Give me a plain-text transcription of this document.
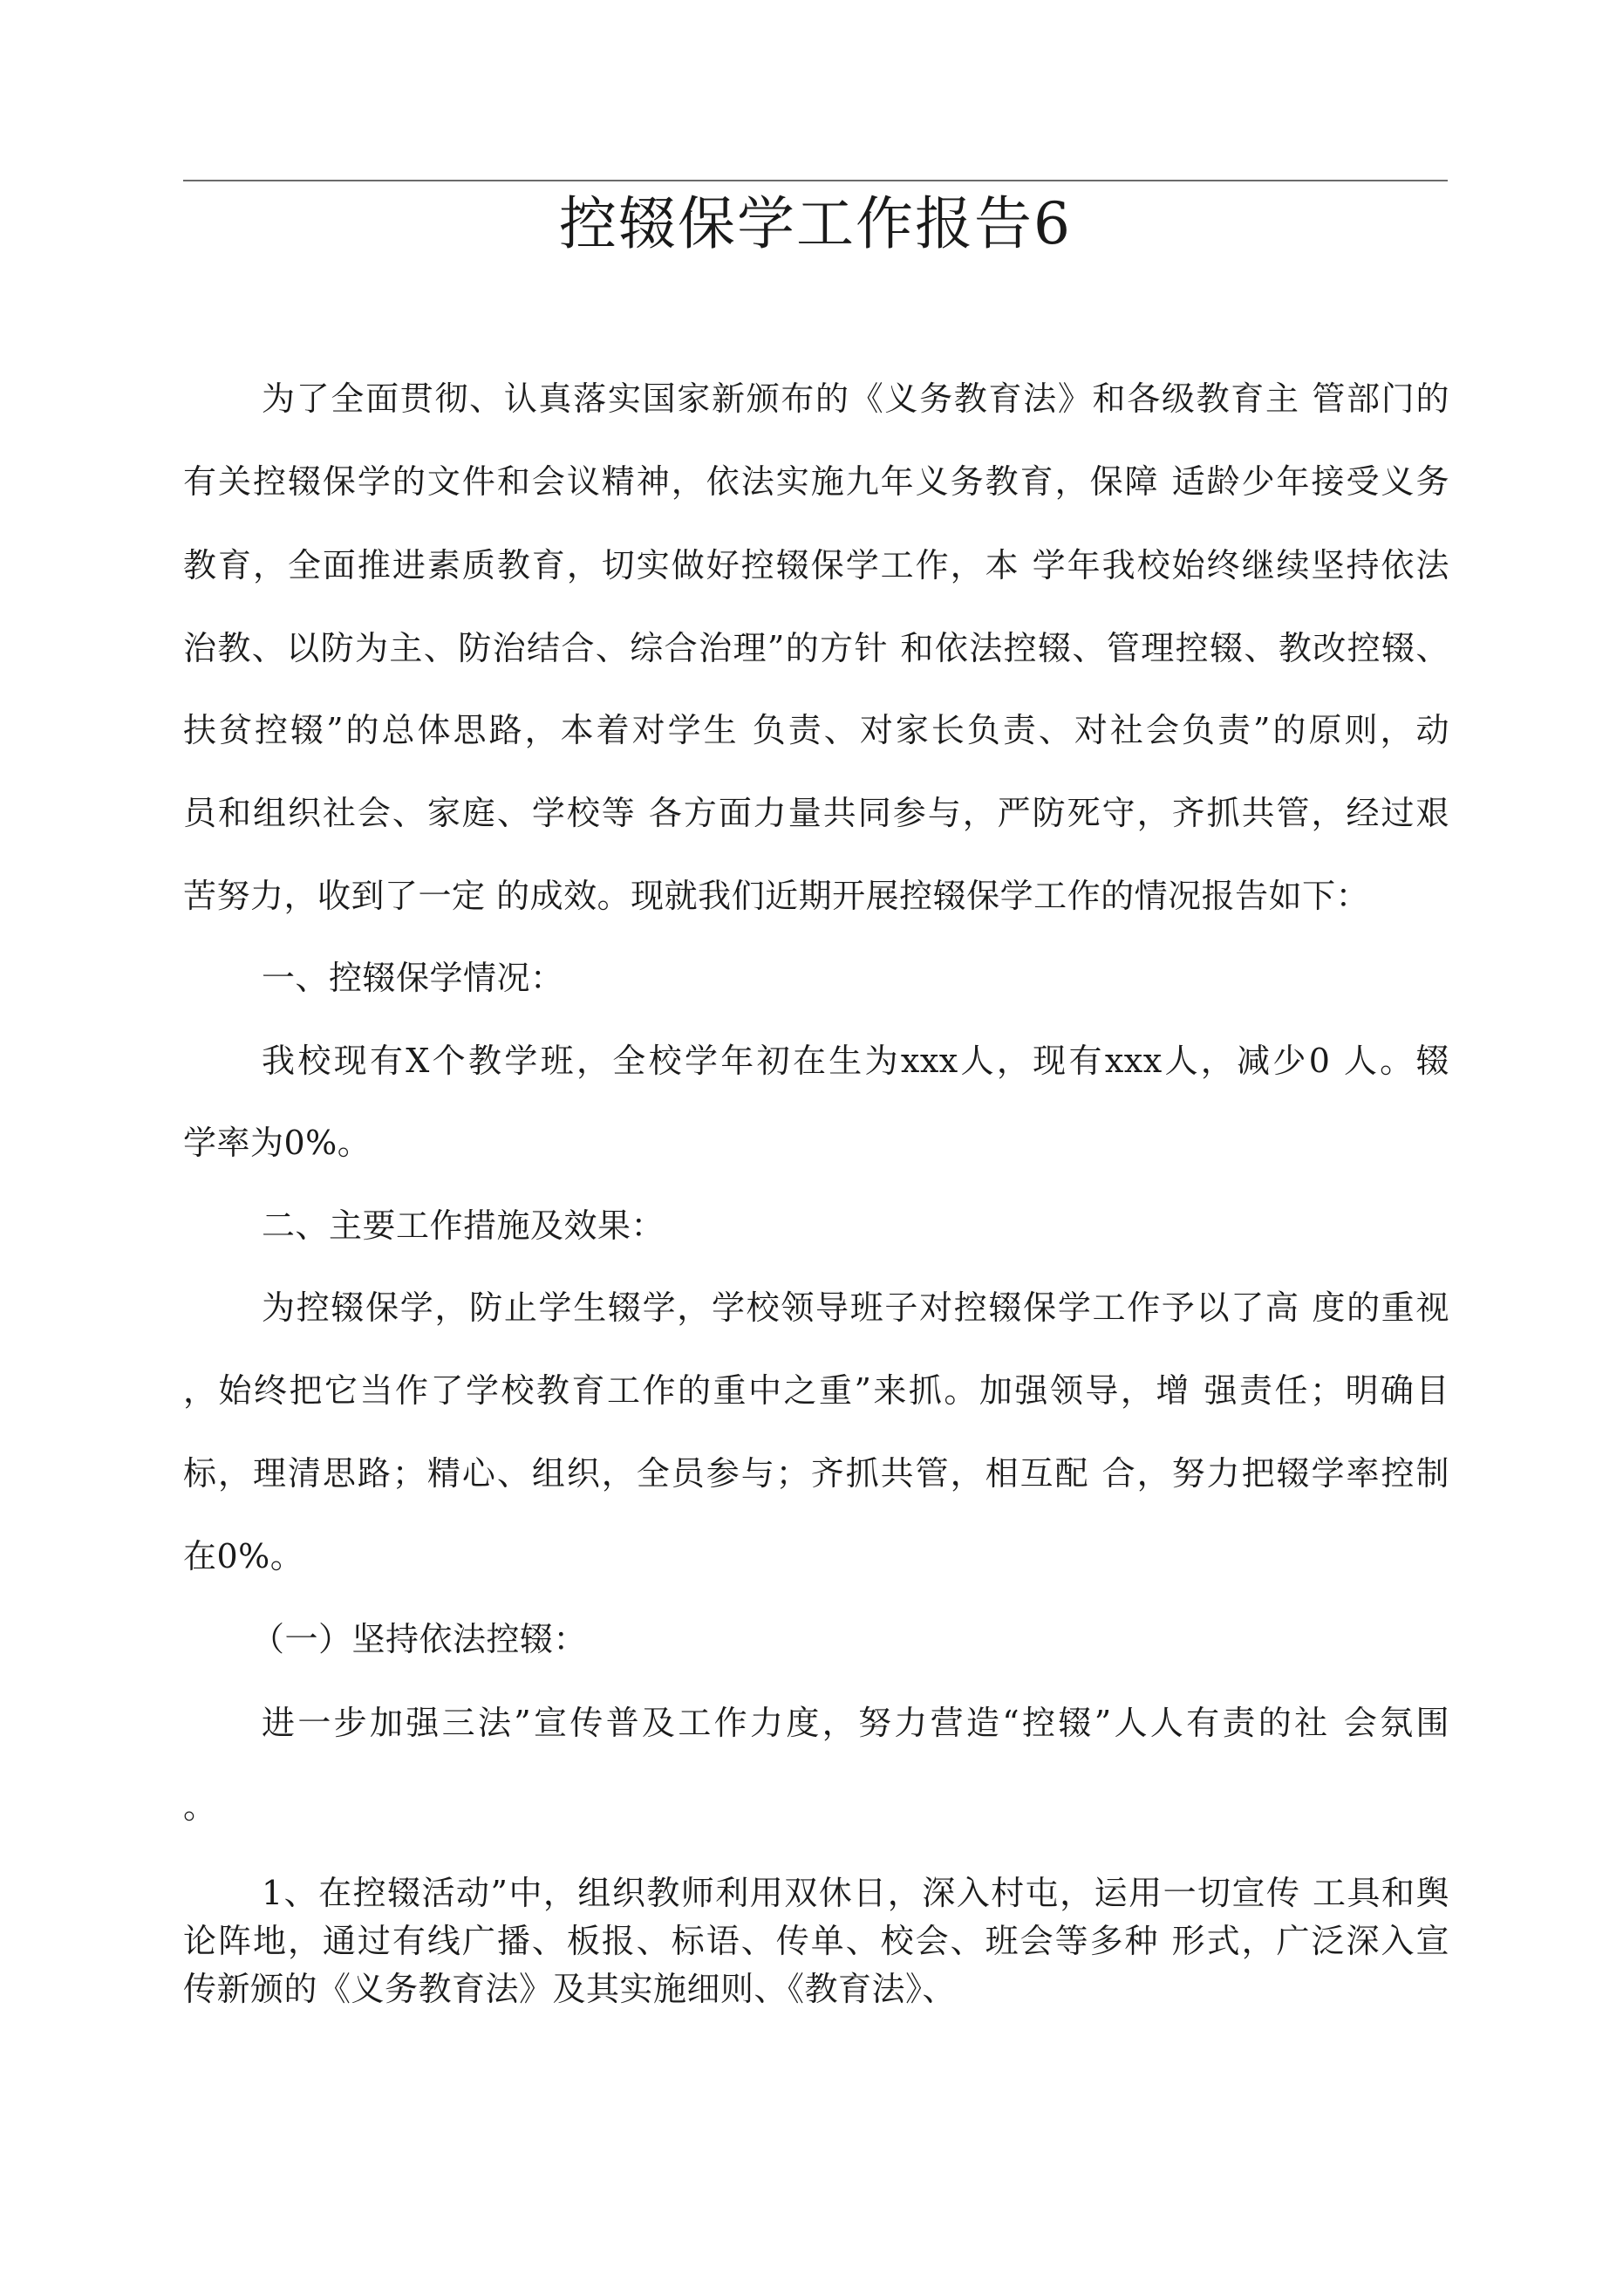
控辍保学工作报告6
为了全面贯彻、认真落实国家新颁布的《义务教育法》和各级教育主 管部门的
有关控辍保学的文件和会议精神，依法实施九年义务教育，保障 适龄少年接受义务
教育，全面推进素质教育，切实做好控辍保学工作，本 学年我校始终继续坚持依法
治教、以防为主、防治结合、综合治理”的方针 和依法控辍、管理控辍、教改控辍、
扶贫控辍”的总体思路，本着对学生 负责、对家长负责、对社会负责”的原则，动
员和组织社会、家庭、学校等 各方面力量共同参与，严防死守，齐抓共管，经过艰
苦努力，收到了一定 的成效。现就我们近期开展控辍保学工作的情况报告如下：
一、控辍保学情况：
我校现有X个教学班，全校学年初在生为xxx人，现有xxx人，减少0 人。辍
学率为0%。
二、主要工作措施及效果：
为控辍保学，防止学生辍学，学校领导班子对控辍保学工作予以了高 度的重视
，始终把它当作了学校教育工作的重中之重”来抓。加强领导，增 强责任；明确目
标，理清思路；精心、组织，全员参与；齐抓共管，相互配 合，努力把辍学率控制
在0%。
（一）坚持依法控辍：
进一步加强三法”宣传普及工作力度，努力营造“控辍”人人有责的社 会氛围
。
1、在控辍活动”中，组织教师利用双休日，深入村屯，运用一切宣传 工具和舆
论阵地，通过有线广播、板报、标语、传单、校会、班会等多种 形式，广泛深入宣
传新颁的《义务教育法》及其实施细则、《教育法》、
